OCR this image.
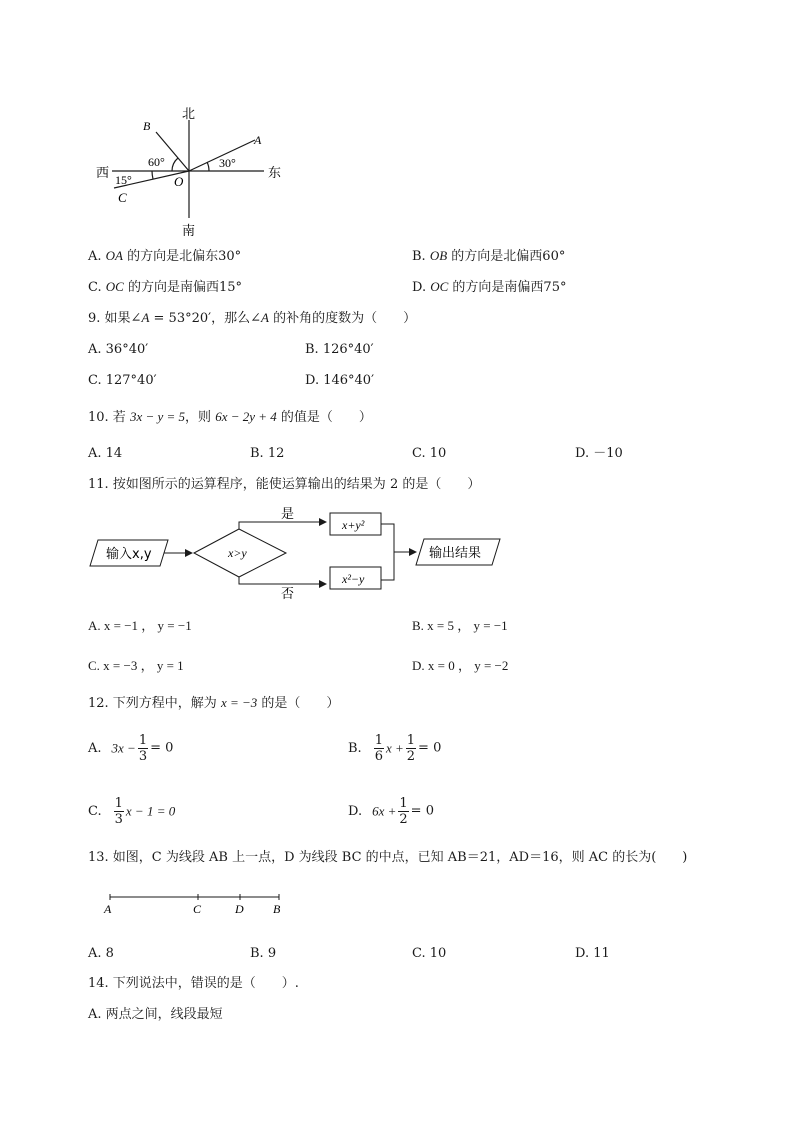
北
南
东
西
A
B
C
O
60°	30°
15°
A. OA 的方向是北偏东30°	B. OB 的方向是北偏西60°
C. OC 的方向是南偏西15°	D. OC 的方向是南偏西75°
9. 如果∠A = 53°20′，那么∠A 的补角的度数为（　　）
A. 36°40′	B. 126°40′
C. 127°40′	D. 146°40′
10. 若 3x − y = 5，则 6x − 2y + 4 的值是（　　）
A. 14	B. 12	C. 10	D. －10
11. 按如图所示的运算程序，能使运算输出的结果为 2 的是（　　）
输入x,y	x>y
是
否
x+y²
x²−y
输出结果
A. x = −1 ， y = −1	B. x = 5 ， y = −1
C. x = −3 ， y = 1	D. x = 0 ， y = −2
12. 下列方程中，解为 x = −3 的是（　　）
A. $3x - \frac{1}{3} = 0$	B. $\frac{1}{6}$ $x + \frac{1}{2} = 0$
C. $\frac{1}{3}$ x − 1 = 0	D. $6x + \frac{1}{2} = 0$
13. 如图，C 为线段 AB 上一点，D 为线段 BC 的中点，已知 AB＝21，AD＝16，则 AC 的长为(　　)
A	C	D B
A. 8	B. 9	C. 10	D. 11
14. 下列说法中，错误的是（　　）.
A. 两点之间，线段最短
